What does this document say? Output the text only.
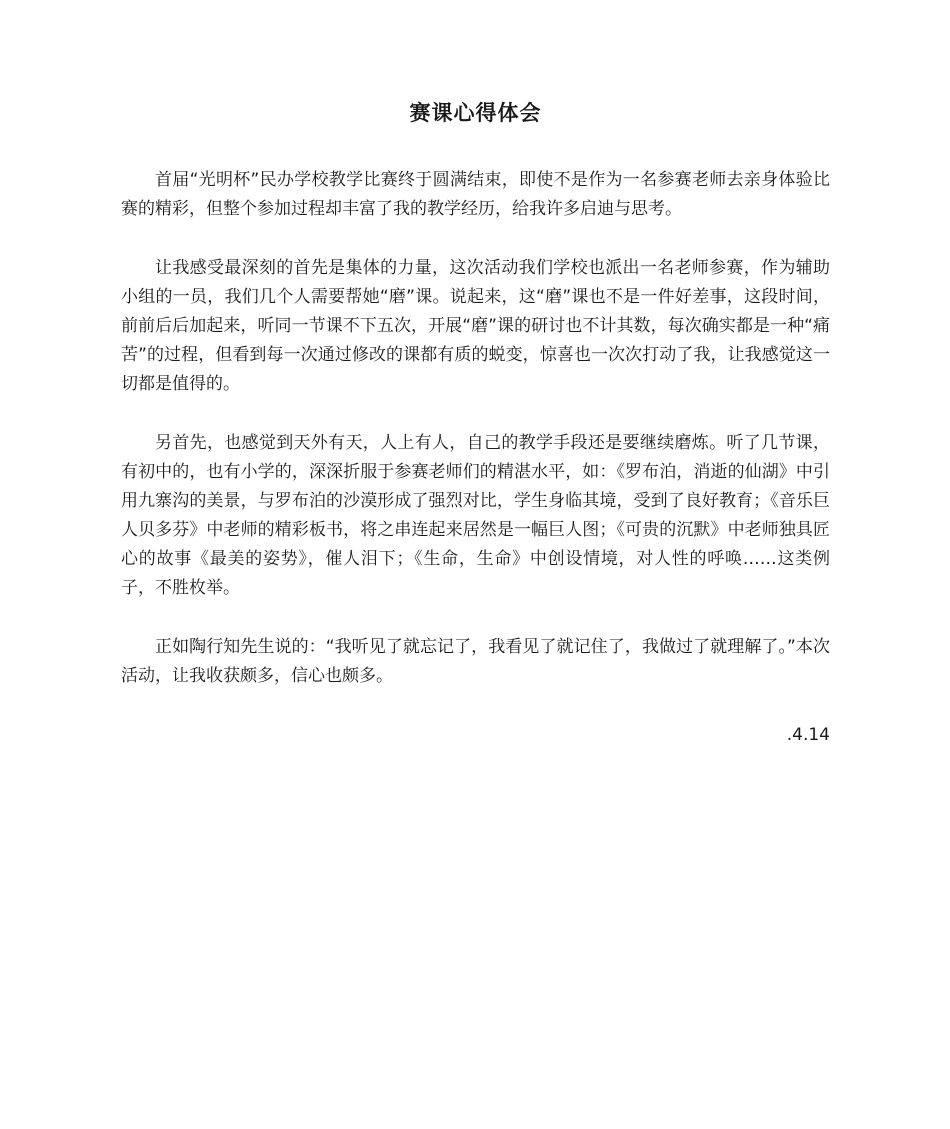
赛课心得体会

首届“光明杯”民办学校教学比赛终于圆满结束，即使不是作为一名参赛老师去亲身体验比赛的精彩，但整个参加过程却丰富了我的教学经历，给我许多启迪与思考。

让我感受最深刻的首先是集体的力量，这次活动我们学校也派出一名老师参赛，作为辅助小组的一员，我们几个人需要帮她“磨”课。说起来，这“磨”课也不是一件好差事，这段时间，前前后后加起来，听同一节课不下五次，开展“磨”课的研讨也不计其数，每次确实都是一种“痛苦”的过程，但看到每一次通过修改的课都有质的蜕变，惊喜也一次次打动了我，让我感觉这一切都是值得的。

另首先，也感觉到天外有天，人上有人，自己的教学手段还是要继续磨炼。听了几节课，有初中的，也有小学的，深深折服于参赛老师们的精湛水平，如：《罗布泊，消逝的仙湖》中引用九寨沟的美景，与罗布泊的沙漠形成了强烈对比，学生身临其境，受到了良好教育；《音乐巨人贝多芬》中老师的精彩板书，将之串连起来居然是一幅巨人图；《可贵的沉默》中老师独具匠心的故事《最美的姿势》，催人泪下；《生命，生命》中创设情境，对人性的呼唤……这类例子，不胜枚举。

正如陶行知先生说的：“我听见了就忘记了，我看见了就记住了，我做过了就理解了。”本次活动，让我收获颇多，信心也颇多。

.4.14
